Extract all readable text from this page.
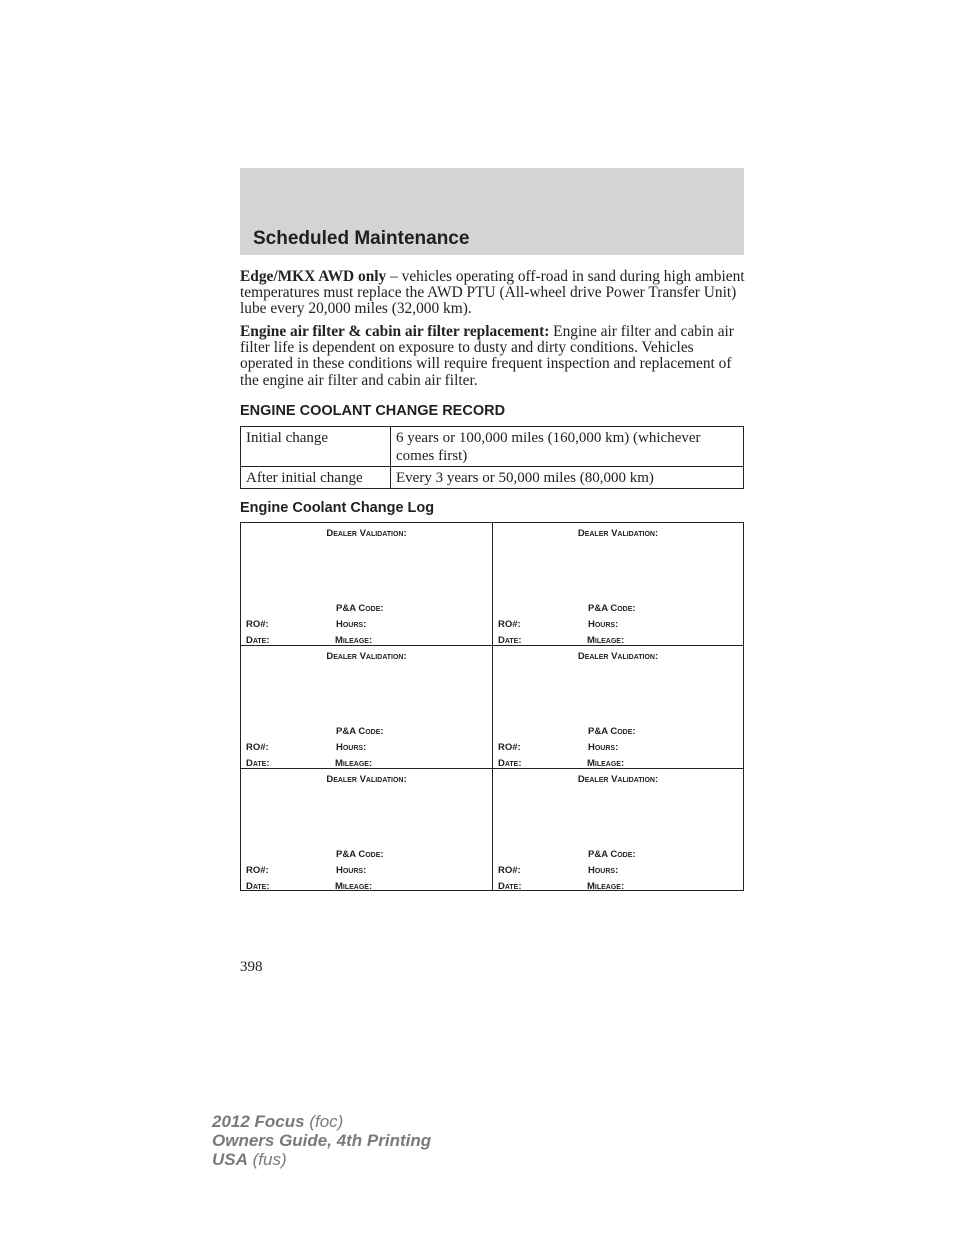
Scheduled Maintenance

Edge/MKX AWD only – vehicles operating off-road in sand during high ambient temperatures must replace the AWD PTU (All-wheel drive Power Transfer Unit) lube every 20,000 miles (32,000 km).

Engine air filter & cabin air filter replacement: Engine air filter and cabin air filter life is dependent on exposure to dusty and dirty conditions. Vehicles operated in these conditions will require frequent inspection and replacement of the engine air filter and cabin air filter.

ENGINE COOLANT CHANGE RECORD
Initial change	6 years or 100,000 miles (160,000 km) (whichever comes first)
After initial change	Every 3 years or 50,000 miles (80,000 km)
Engine Coolant Change Log
Dealer Validation:
P&A Code:
RO#:	Hours:
Date:	Mileage:
Dealer Validation:
P&A Code:
RO#:	Hours:
Date:	Mileage:
Dealer Validation:
P&A Code:
RO#:	Hours:
Date:	Mileage:
Dealer Validation:
P&A Code:
RO#:	Hours:
Date:	Mileage:
Dealer Validation:
P&A Code:
RO#:	Hours:
Date:	Mileage:
Dealer Validation:
P&A Code:
RO#:	Hours:
Date:	Mileage:

398

2012 Focus (foc)
Owners Guide, 4th Printing
USA (fus)
